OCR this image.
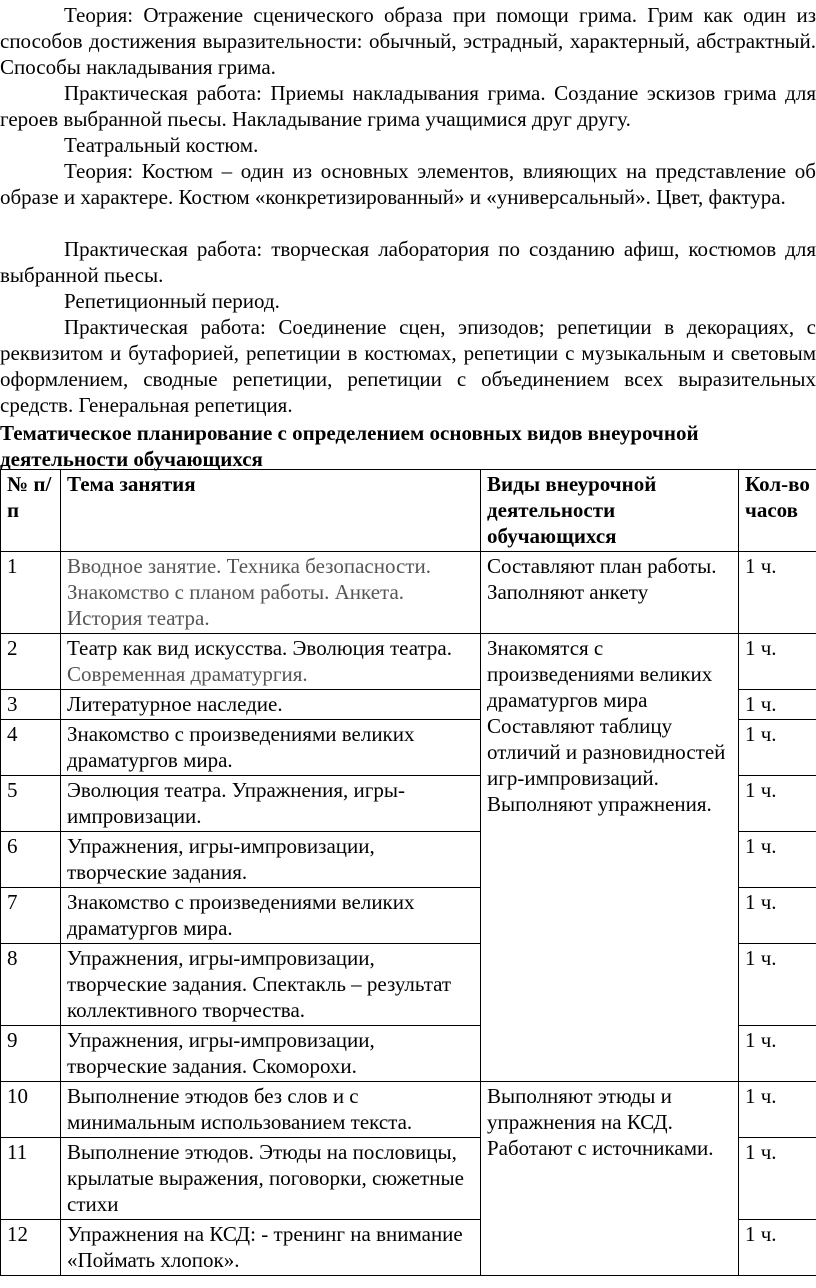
Теория: Отражение сценического образа при помощи грима. Грим как один из способов достижения выразительности: обычный, эстрадный, характерный, абстрактный. Способы накладывания грима.

Практическая работа: Приемы накладывания грима. Создание эскизов грима для героев выбранной пьесы. Накладывание грима учащимися друг другу.

Театральный костюм.

Теория: Костюм – один из основных элементов, влияющих на представление об образе и характере. Костюм «конкретизированный» и «универсальный». Цвет, фактура.

Практическая работа: творческая лаборатория по созданию афиш, костюмов для выбранной пьесы.

Репетиционный период.

Практическая работа: Соединение сцен, эпизодов; репетиции в декорациях, с реквизитом и бутафорией, репетиции в костюмах, репетиции с музыкальным и световым оформлением, сводные репетиции, репетиции с объединением всех выразительных средств. Генеральная репетиция.

Тематическое планирование с определением основных видов внеурочной деятельности обучающихся

№ п/п	Тема занятия	Виды внеурочной деятельности обучающихся	Кол-во часов
1	Вводное занятие. Техника безопасности. Знакомство с планом работы. Анкета. История театра.	Составляют план работы. Заполняют анкету	1 ч.
2	Театр как вид искусства. Эволюция театра. Современная драматургия.	Знакомятся с произведениями великих драматургов мира Составляют таблицу отличий и разновидностей игр-импровизаций. Выполняют упражнения.	1 ч.
3	Литературное наследие.		1 ч.
4	Знакомство с произведениями великих драматургов мира.		1 ч.
5	Эволюция театра. Упражнения, игры-импровизации.		1 ч.
6	Упражнения, игры-импровизации, творческие задания.		1 ч.
7	Знакомство с произведениями великих драматургов мира.		1 ч.
8	Упражнения, игры-импровизации, творческие задания. Спектакль – результат коллективного творчества.		1 ч.
9	Упражнения, игры-импровизации, творческие задания. Скоморохи.		1 ч.
10	Выполнение этюдов без слов и с минимальным использованием текста.	Выполняют этюды и упражнения на КСД. Работают с источниками.	1 ч.
11	Выполнение этюдов. Этюды на пословицы, крылатые выражения, поговорки, сюжетные стихи		1 ч.
12	Упражнения на КСД: - тренинг на внимание «Поймать хлопок».		1 ч.
